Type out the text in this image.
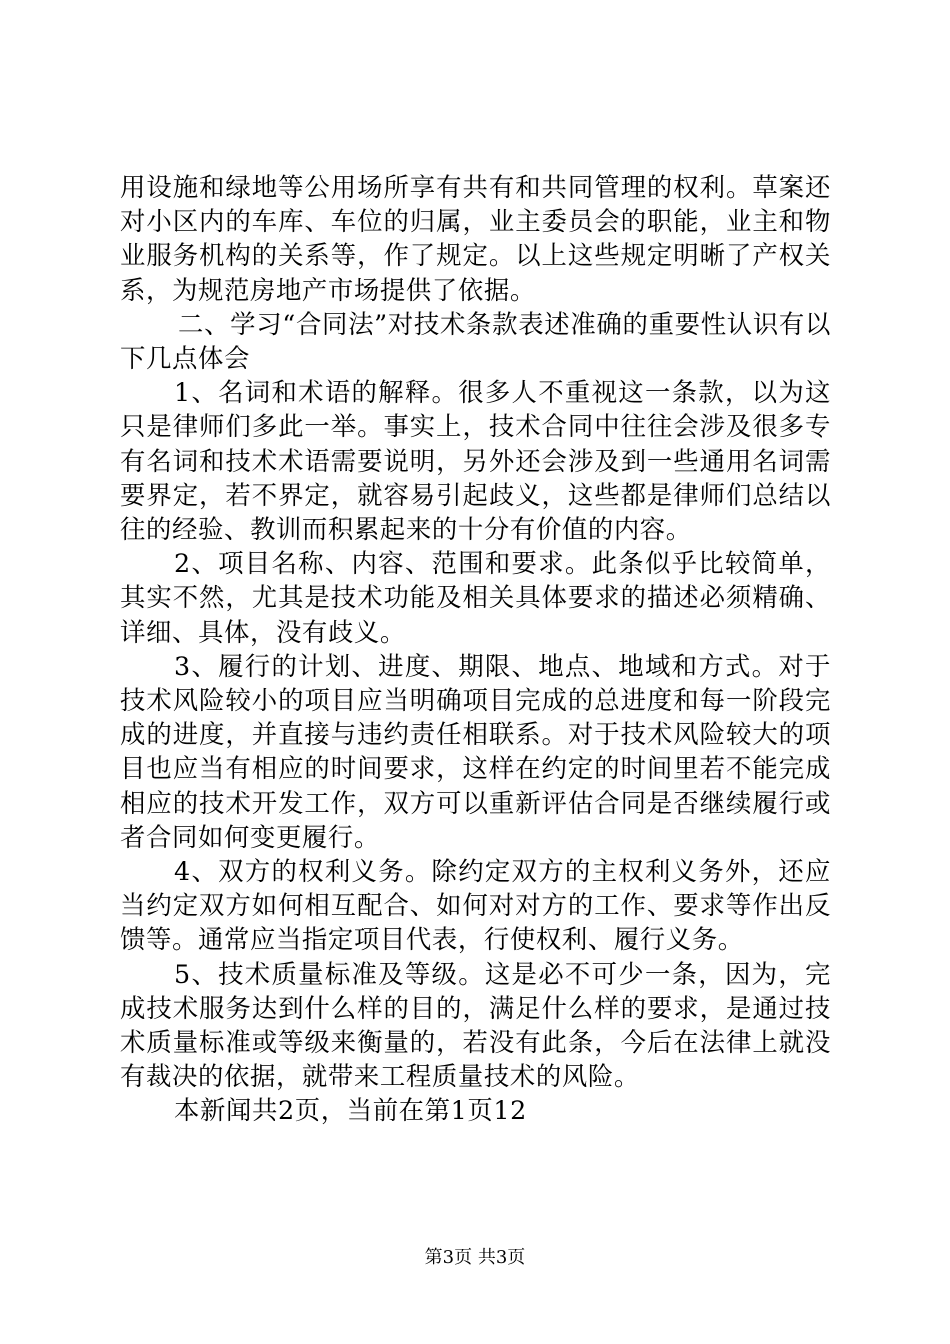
用设施和绿地等公用场所享有共有和共同管理的权利。草案还对小区内的车库、车位的归属，业主委员会的职能，业主和物业服务机构的关系等，作了规定。以上这些规定明晰了产权关系，为规范房地产市场提供了依据。

二、学习“合同法”对技术条款表述准确的重要性认识有以下几点体会

1、名词和术语的解释。很多人不重视这一条款，以为这只是律师们多此一举。事实上，技术合同中往往会涉及很多专有名词和技术术语需要说明，另外还会涉及到一些通用名词需要界定，若不界定，就容易引起歧义，这些都是律师们总结以往的经验、教训而积累起来的十分有价值的内容。

2、项目名称、内容、范围和要求。此条似乎比较简单，其实不然，尤其是技术功能及相关具体要求的描述必须精确、详细、具体，没有歧义。

3、履行的计划、进度、期限、地点、地域和方式。对于技术风险较小的项目应当明确项目完成的总进度和每一阶段完成的进度，并直接与违约责任相联系。对于技术风险较大的项目也应当有相应的时间要求，这样在约定的时间里若不能完成相应的技术开发工作，双方可以重新评估合同是否继续履行或者合同如何变更履行。

4、双方的权利义务。除约定双方的主权利义务外，还应当约定双方如何相互配合、如何对对方的工作、要求等作出反馈等。通常应当指定项目代表，行使权利、履行义务。

5、技术质量标准及等级。这是必不可少一条，因为，完成技术服务达到什么样的目的，满足什么样的要求，是通过技术质量标准或等级来衡量的，若没有此条，今后在法律上就没有裁决的依据，就带来工程质量技术的风险。

本新闻共2页，当前在第1页12

第3页 共3页
